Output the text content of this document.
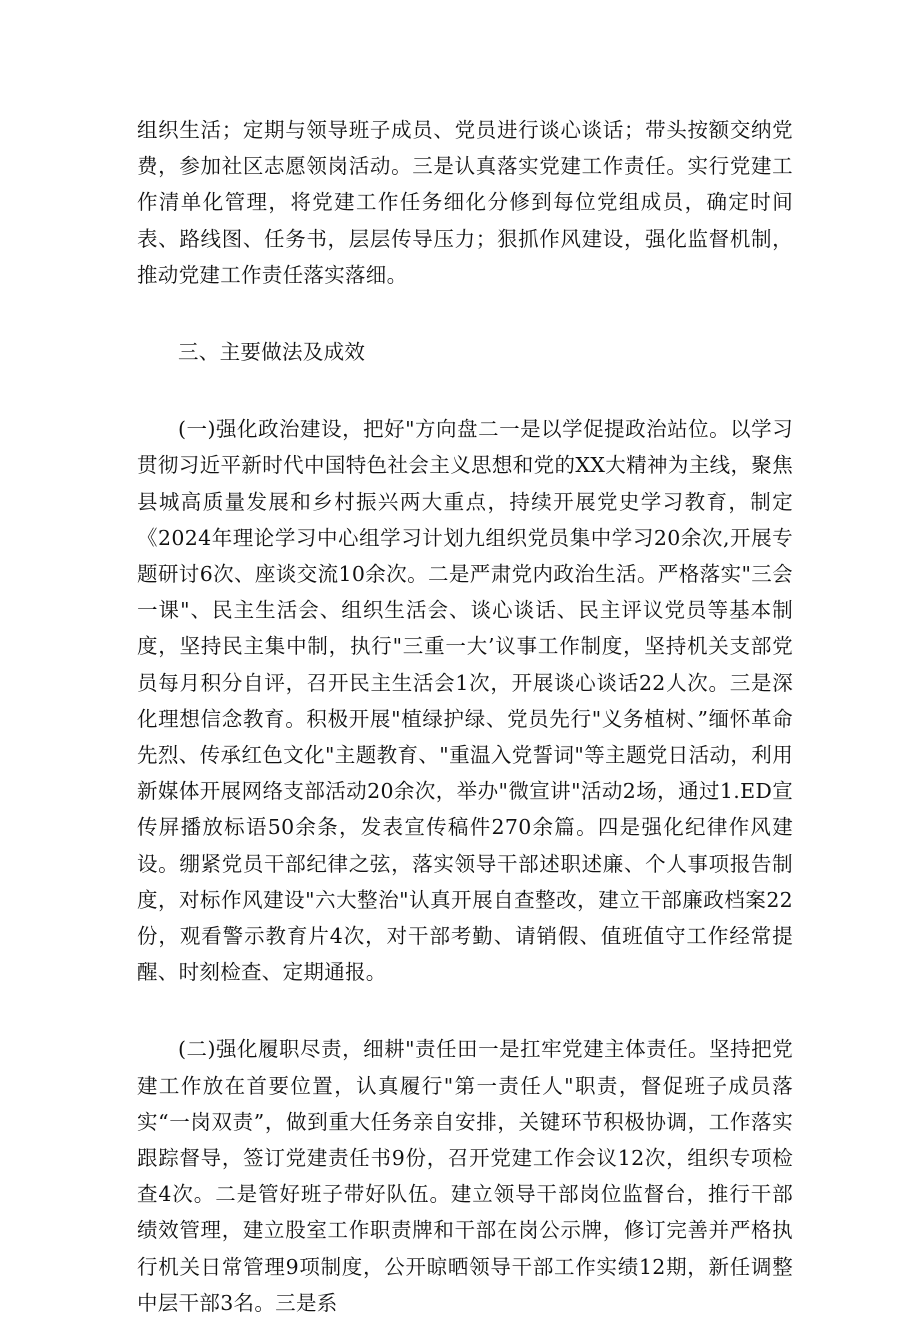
组织生活；定期与领导班子成员、党员进行谈心谈话；带头按额交纳党费，参加社区志愿领岗活动。三是认真落实党建工作责任。实行党建工作清单化管理，将党建工作任务细化分修到每位党组成员，确定时间表、路线图、任务书，层层传导压力；狠抓作风建设，强化监督机制，推动党建工作责任落实落细。

三、主要做法及成效

(一)强化政治建设，把好"方向盘二一是以学促提政治站位。以学习贯彻习近平新时代中国特色社会主义思想和党的XX大精神为主线，聚焦县城高质量发展和乡村振兴两大重点，持续开展党史学习教育，制定《2024年理论学习中心组学习计划九组织党员集中学习20余次,开展专题研讨6次、座谈交流10余次。二是严肃党内政治生活。严格落实"三会一课"、民主生活会、组织生活会、谈心谈话、民主评议党员等基本制度，坚持民主集中制，执行"三重一大’议事工作制度，坚持机关支部党员每月积分自评，召开民主生活会1次，开展谈心谈话22人次。三是深化理想信念教育。积极开展"植绿护绿、党员先行"义务植树、”缅怀革命先烈、传承红色文化"主题教育、"重温入党誓词"等主题党日活动，利用新媒体开展网络支部活动20余次，举办"微宣讲"活动2场，通过1.ED宣传屏播放标语50余条，发表宣传稿件270余篇。四是强化纪律作风建设。绷紧党员干部纪律之弦，落实领导干部述职述廉、个人事项报告制度，对标作风建设"六大整治"认真开展自查整改，建立干部廉政档案22份，观看警示教育片4次，对干部考勤、请销假、值班值守工作经常提醒、时刻检查、定期通报。

(二)强化履职尽责，细耕"责任田一是扛牢党建主体责任。坚持把党建工作放在首要位置，认真履行"第一责任人"职责，督促班子成员落实“一岗双责”，做到重大任务亲自安排，关键环节积极协调，工作落实跟踪督导，签订党建责任书9份，召开党建工作会议12次，组织专项检查4次。二是管好班子带好队伍。建立领导干部岗位监督台，推行干部绩效管理，建立股室工作职责牌和干部在岗公示牌，修订完善并严格执行机关日常管理9项制度，公开晾晒领导干部工作实绩12期，新任调整中层干部3名。三是系
